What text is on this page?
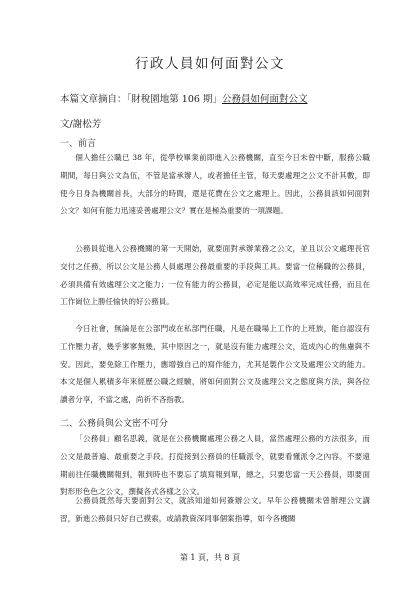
行政人員如何面對公文
本篇文章摘自：「財稅園地第 106 期」公務員如何面對公文
文/謝松芳
一、前言

個人擔任公職已 38 年，從學校畢業前即進入公務機關，直至今日未曾中斷，服務公職期間，每日與公文為伍，不管是當承辦人，或者擔任主管，每天要處理之公文不計其數，即使今日身為機關首長，大部分的時間，還是花費在公文之處理上。因此，公務員該如何面對公文？如何有能力迅速妥善處理公文？實在是極為重要的一項課題。

公務員從進入公務機關的第一天開始，就要面對承辦業務之公文，並且以公文處理長官交付之任務，所以公文是公務人員處理公務最重要的手段與工具。要當一位稱職的公務員，必須具備有效處理公文之能力；一位有能力的公務員，必定是能以高效率完成任務，而且在工作崗位上勝任愉快的好公務員。

今日社會，無論是在公部門或在私部門任職，凡是在職場上工作的上班族，能自認沒有工作壓力者，幾乎寥寥無幾，其中原因之一，就是沒有能力處理公文，造成內心的焦慮與不安。因此，要免除工作壓力，應增強自己的寫作能力，尤其是製作公文及處理公文的能力。本文是個人累積多年來經歷公職之經驗，將如何面對公文及處理公文之態度與方法，與各位讀者分享，不當之處，尚祈不吝指教。

二、公務員與公文密不可分

「公務員」顧名思義，就是在公務機關處理公務之人員，當然處理公務的方法很多，而公文是最普遍、最重要之手段。打從接到公務員的任職派令，就要看懂派令之內容。不要遠期前往任職機關報到，報到時也不要忘了填寫報到單，總之，只要您當一天公務員，即要面對形形色色之公文，撰擬各式各樣之公文。

公務員既然每天要面對公文，就該知道如何簽辦公文。早年公務機關未曾辦理公文講習，新進公務員只好自己摸索，或請教資深同事個案指導，如今各機關

第 1 頁，共 8 頁
